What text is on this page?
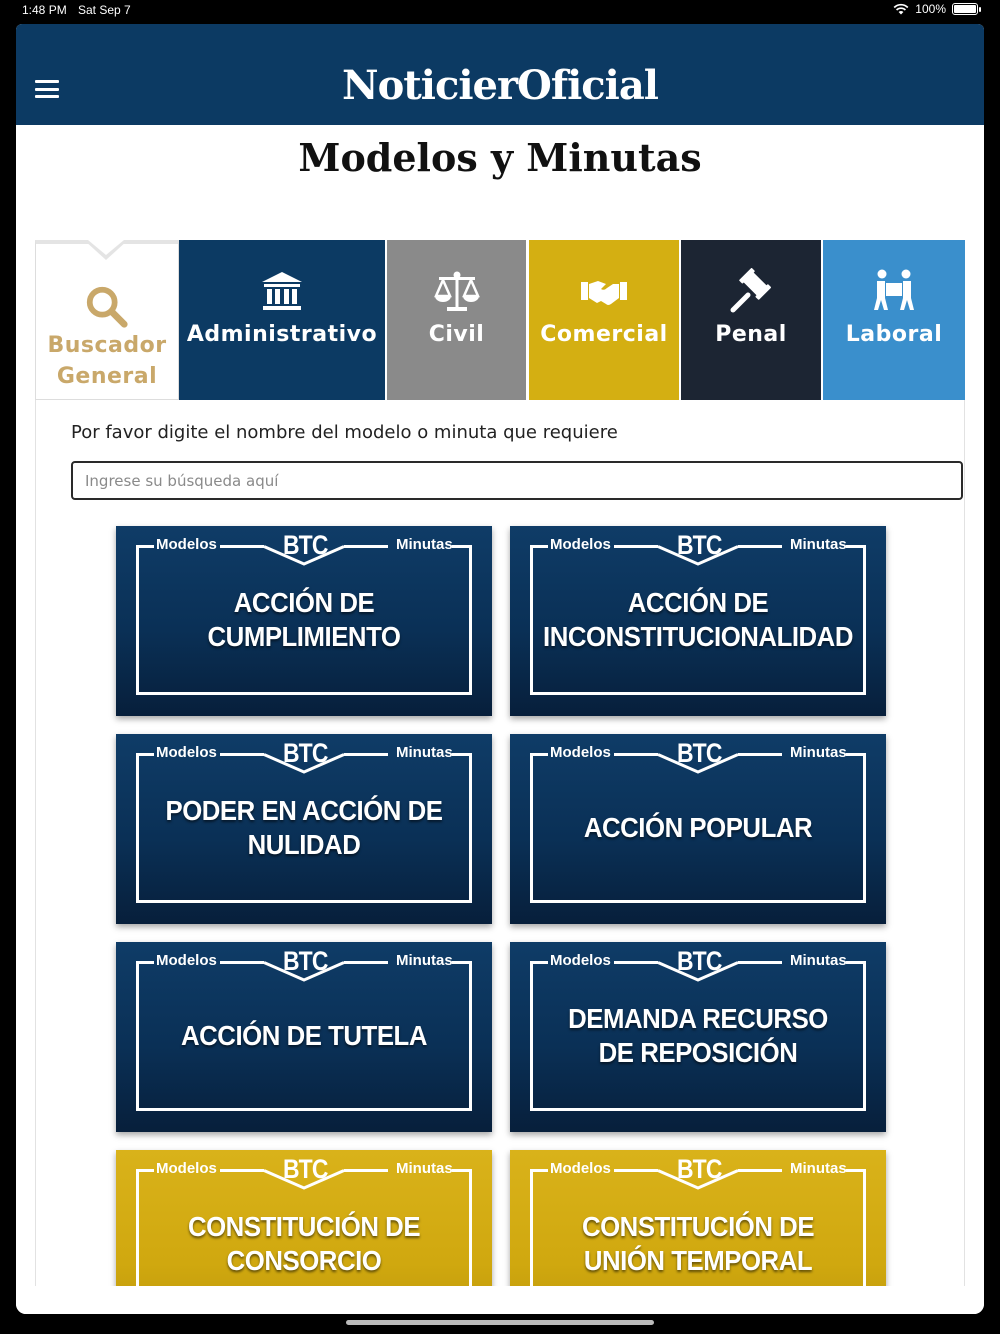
1:48 PM Sat Sep 7	100%
NoticierOficial
Modelos y Minutas
Buscador
General
Administrativo Civil	Comercial Penal	Laboral

Por favor digite el nombre del modelo o minuta que requiere

Ingrese su búsqueda aquí
Modelos BTC	Minutas
ACCIÓN DE CUMPLIMIENTO
Modelos BTC	Minutas
ACCIÓN DE INCONSTITUCIONALIDAD
Modelos BTC	Minutas
PODER EN ACCIÓN DE NULIDAD
Modelos BTC	Minutas
ACCIÓN POPULAR
Modelos BTC	Minutas
ACCIÓN DE TUTELA
Modelos BTC	Minutas
DEMANDA RECURSO DE REPOSICIÓN
Modelos BTC	Minutas
CONSTITUCIÓN DE CONSORCIO
Modelos BTC	Minutas
CONSTITUCIÓN DE UNIÓN TEMPORAL
